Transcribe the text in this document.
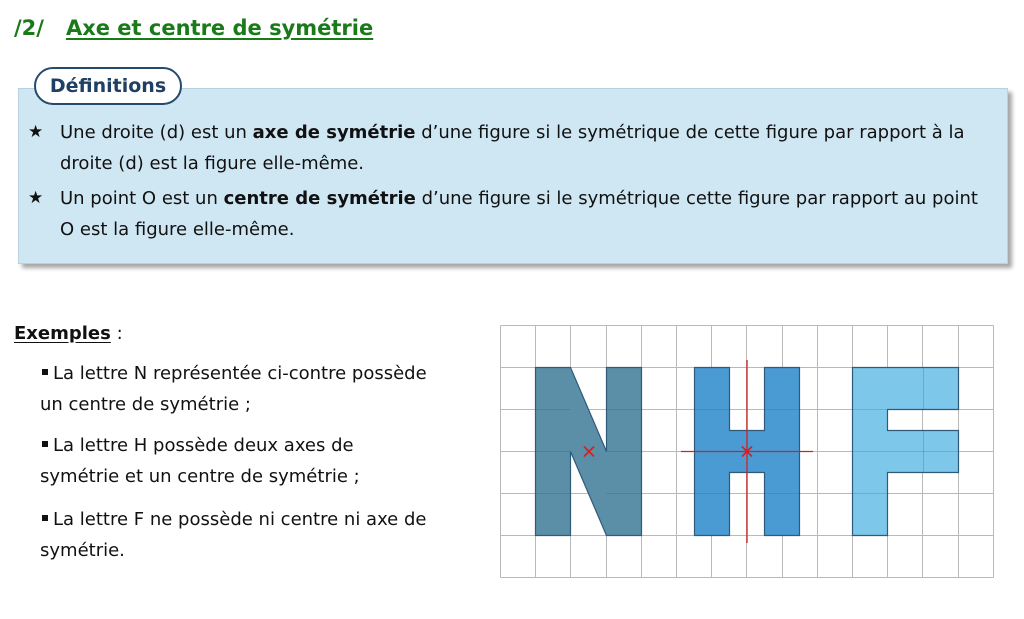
/2/ Axe et centre de symétrie
Définitions
★ Une droite (d) est un axe de symétrie d’une figure si le symétrique de cette figure par rapport à la droite (d) est la figure elle-même.
★ Un point O est un centre de symétrie d’une figure si le symétrique cette figure par rapport au point O est la figure elle-même.
Exemples :
La lettre N représentée ci-contre possède un centre de symétrie ;
La lettre H possède deux axes de symétrie et un centre de symétrie ;
La lettre F ne possède ni centre ni axe de symétrie.
